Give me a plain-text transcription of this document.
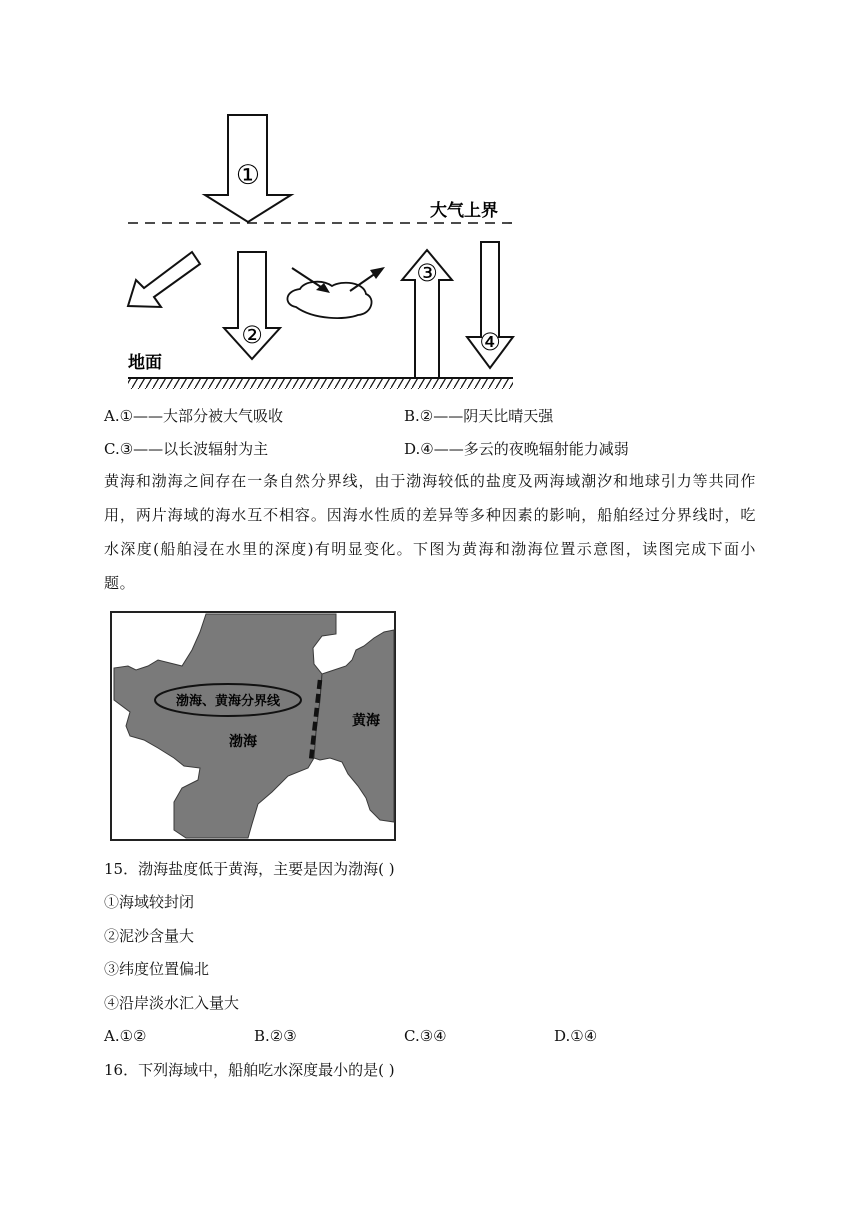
①
②
③
④
大气上界
地面
A.①——大部分被大气吸收	B.②——阴天比晴天强
C.③——以长波辐射为主	D.④——多云的夜晚辐射能力减弱
黄海和渤海之间存在一条自然分界线，由于渤海较低的盐度及两海域潮汐和地球引力等共同作用，两片海域的海水互不相容。因海水性质的差异等多种因素的影响，船舶经过分界线时，吃水深度(船舶浸在水里的深度)有明显变化。下图为黄海和渤海位置示意图，读图完成下面小题。
渤海、黄海分界线
渤海
黄海
15．渤海盐度低于黄海，主要是因为渤海( )
①海域较封闭
②泥沙含量大
③纬度位置偏北
④沿岸淡水汇入量大
A.①②	B.②③	C.③④	D.①④
16．下列海域中，船舶吃水深度最小的是( )
